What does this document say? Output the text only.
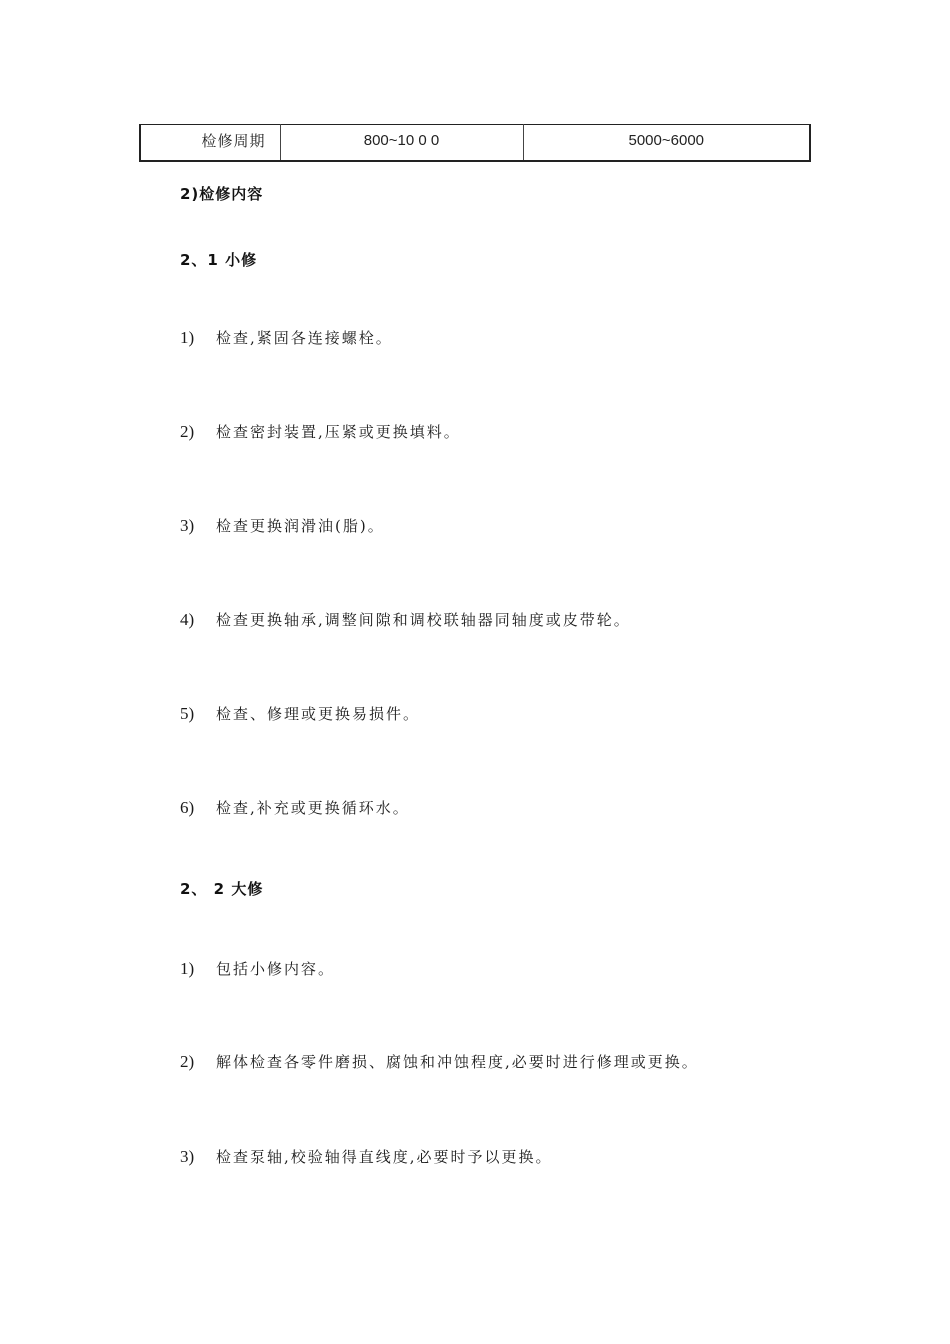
检修周期	800~10 0 0	5000~6000

2)检修内容

2、1 小修

1) 检查,紧固各连接螺栓。

2) 检查密封装置,压紧或更换填料。

3) 检查更换润滑油(脂)。

4) 检查更换轴承,调整间隙和调校联轴器同轴度或皮带轮。

5) 检查、修理或更换易损件。

6) 检查,补充或更换循环水。

2、 2 大修

1) 包括小修内容。

2) 解体检查各零件磨损、腐蚀和冲蚀程度,必要时进行修理或更换。

3) 检查泵轴,校验轴得直线度,必要时予以更换。
